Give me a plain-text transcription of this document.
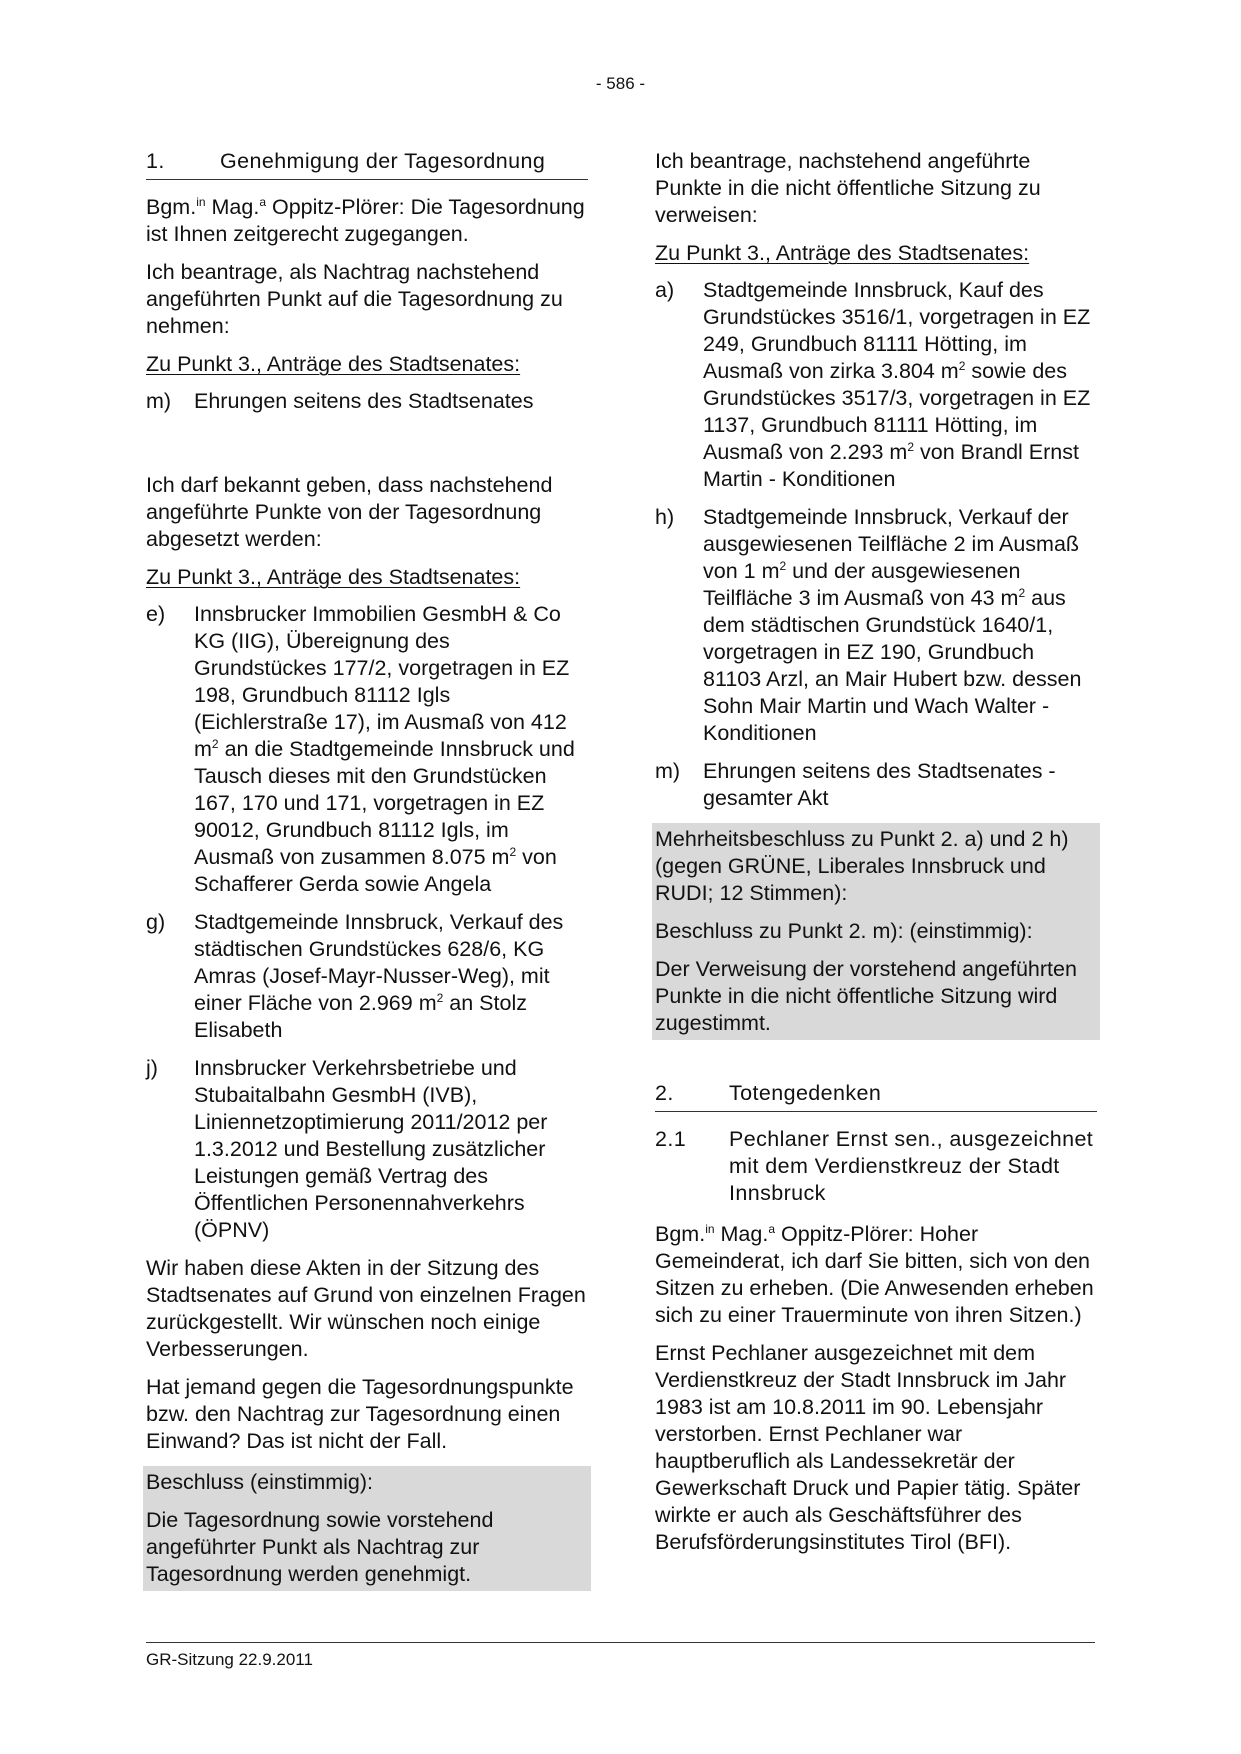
- 586 -
1.	Genehmigung der Tagesordnung

Bgm.$^{in}$ Mag.$^a$ Oppitz-Plörer: Die Tagesordnung ist Ihnen zeitgerecht zugegangen.

Ich beantrage, als Nachtrag nachstehend angeführten Punkt auf die Tagesordnung zu nehmen:

Zu Punkt 3., Anträge des Stadtsenates:

m)	Ehrungen seitens des Stadtsenates

Ich darf bekannt geben, dass nachstehend angeführte Punkte von der Tagesordnung abgesetzt werden:

Zu Punkt 3., Anträge des Stadtsenates:

e)	Innsbrucker Immobilien GesmbH & Co KG (IIG), Übereignung des Grundstückes 177/2, vorgetragen in EZ 198, Grundbuch 81112 Igls (Eichlerstraße 17), im Ausmaß von 412 $m^2$ an die Stadtgemeinde Innsbruck und Tausch dieses mit den Grundstücken 167, 170 und 171, vorgetragen in EZ 90012, Grundbuch 81112 Igls, im Ausmaß von zusammen 8.075 $m^2$ von Schafferer Gerda sowie Angela
g)	Stadtgemeinde Innsbruck, Verkauf des städtischen Grundstückes 628/6, KG Amras (Josef-Mayr-Nusser-Weg), mit einer Fläche von 2.969 $m^2$ an Stolz Elisabeth
j)	Innsbrucker Verkehrsbetriebe und Stubaitalbahn GesmbH (IVB), Liniennetzoptimierung 2011/2012 per 1.3.2012 und Bestellung zusätzlicher Leistungen gemäß Vertrag des Öffentlichen Personennahverkehrs (ÖPNV)

Wir haben diese Akten in der Sitzung des Stadtsenates auf Grund von einzelnen Fragen zurückgestellt. Wir wünschen noch einige Verbesserungen.

Hat jemand gegen die Tagesordnungspunkte bzw. den Nachtrag zur Tagesordnung einen Einwand? Das ist nicht der Fall.

Beschluss (einstimmig):

Die Tagesordnung sowie vorstehend angeführter Punkt als Nachtrag zur Tagesordnung werden genehmigt.

Ich beantrage, nachstehend angeführte Punkte in die nicht öffentliche Sitzung zu verweisen:

Zu Punkt 3., Anträge des Stadtsenates:

a)	Stadtgemeinde Innsbruck, Kauf des Grundstückes 3516/1, vorgetragen in EZ 249, Grundbuch 81111 Hötting, im Ausmaß von zirka 3.804 $m^2$ sowie des Grundstückes 3517/3, vorgetragen in EZ 1137, Grundbuch 81111 Hötting, im Ausmaß von 2.293 $m^2$ von Brandl Ernst Martin - Konditionen
h)	Stadtgemeinde Innsbruck, Verkauf der ausgewiesenen Teilfläche 2 im Ausmaß von 1 $m^2$ und der ausgewiesenen Teilfläche 3 im Ausmaß von 43 $m^2$ aus dem städtischen Grundstück 1640/1, vorgetragen in EZ 190, Grundbuch 81103 Arzl, an Mair Hubert bzw. dessen Sohn Mair Martin und Wach Walter - Konditionen
m)	Ehrungen seitens des Stadtsenates - gesamter Akt

Mehrheitsbeschluss zu Punkt 2. a) und 2 h) (gegen GRÜNE, Liberales Innsbruck und RUDI; 12 Stimmen):

Beschluss zu Punkt 2. m): (einstimmig):

Der Verweisung der vorstehend angeführten Punkte in die nicht öffentliche Sitzung wird zugestimmt.

2.	Totengedenken
2.1	Pechlaner Ernst sen., ausgezeichnet mit dem Verdienstkreuz der Stadt Innsbruck

Bgm.$^{in}$ Mag.$^a$ Oppitz-Plörer: Hoher Gemeinderat, ich darf Sie bitten, sich von den Sitzen zu erheben. (Die Anwesenden erheben sich zu einer Trauerminute von ihren Sitzen.)

Ernst Pechlaner ausgezeichnet mit dem Verdienstkreuz der Stadt Innsbruck im Jahr 1983 ist am 10.8.2011 im 90. Lebensjahr verstorben. Ernst Pechlaner war hauptberuflich als Landessekretär der Gewerkschaft Druck und Papier tätig. Später wirkte er auch als Geschäftsführer des Berufsförderungsinstitutes Tirol (BFI).

GR-Sitzung 22.9.2011
